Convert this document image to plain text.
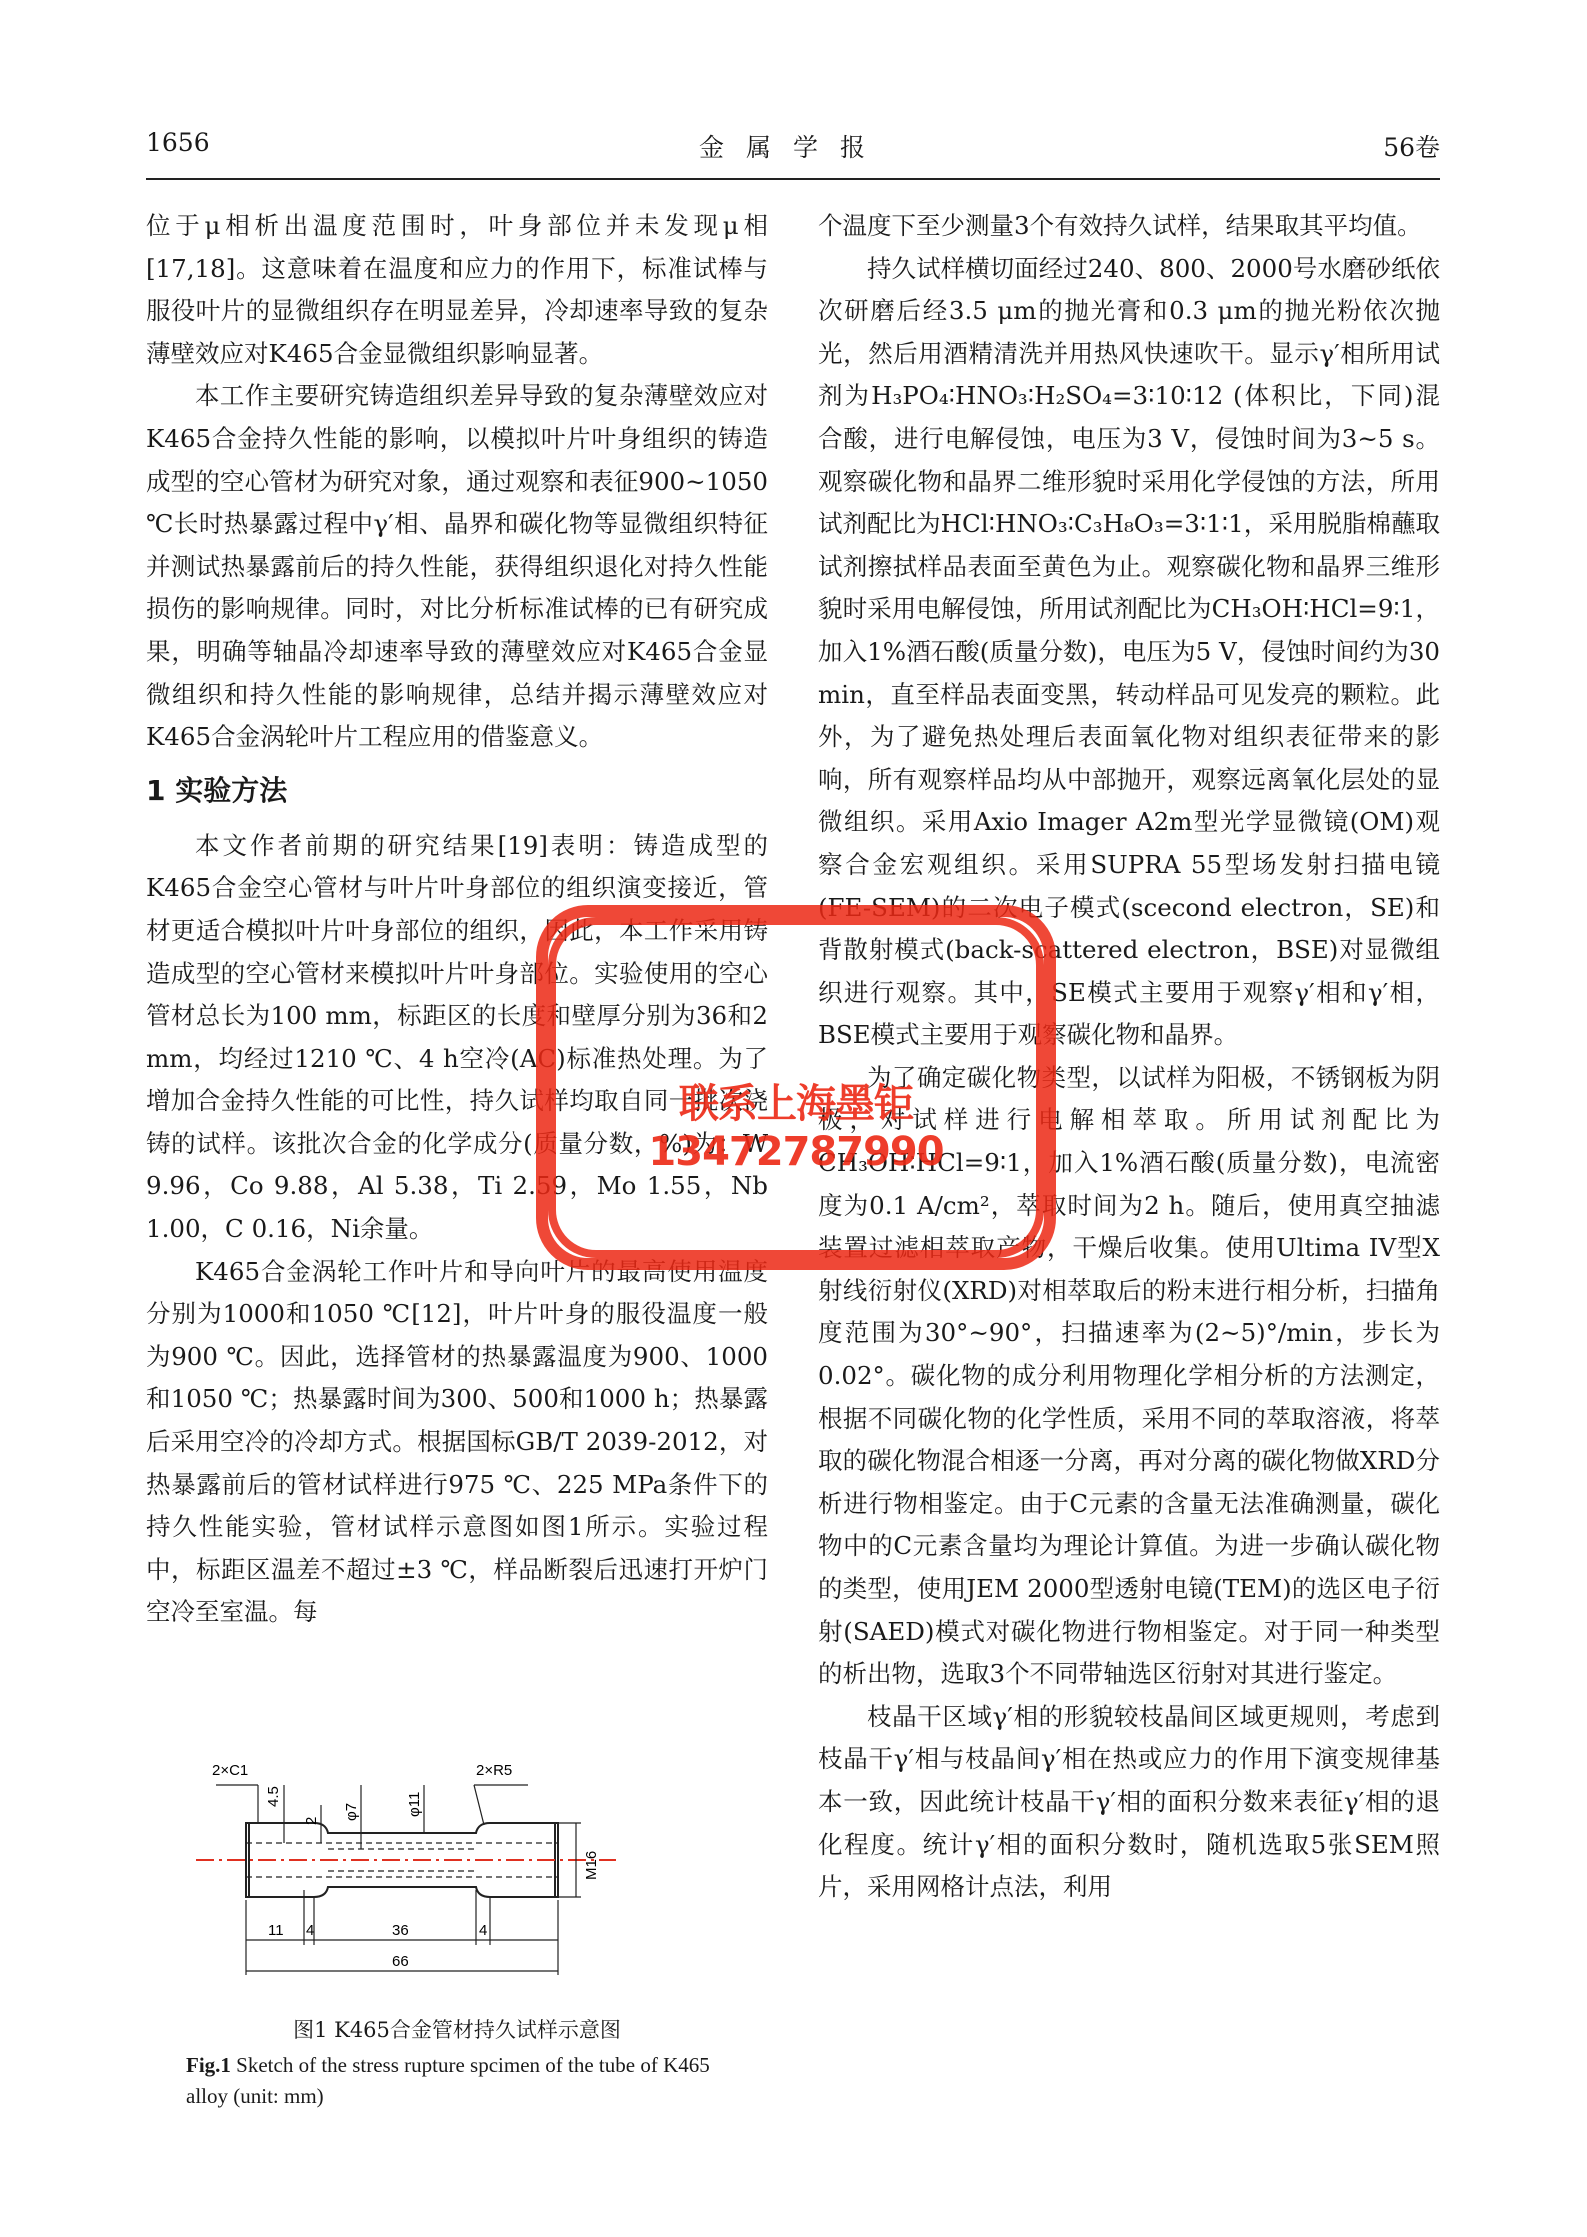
1656	金属学报	56卷

位于μ相析出温度范围时，叶身部位并未发现μ相[17,18]。这意味着在温度和应力的作用下，标准试棒与服役叶片的显微组织存在明显差异，冷却速率导致的复杂薄壁效应对K465合金显微组织影响显著。

本工作主要研究铸造组织差异导致的复杂薄壁效应对K465合金持久性能的影响，以模拟叶片叶身组织的铸造成型的空心管材为研究对象，通过观察和表征900~1050 ℃长时热暴露过程中γ′相、晶界和碳化物等显微组织特征并测试热暴露前后的持久性能，获得组织退化对持久性能损伤的影响规律。同时，对比分析标准试棒的已有研究成果，明确等轴晶冷却速率导致的薄壁效应对K465合金显微组织和持久性能的影响规律，总结并揭示薄壁效应对K465合金涡轮叶片工程应用的借鉴意义。

1 实验方法

本文作者前期的研究结果[19]表明：铸造成型的K465合金空心管材与叶片叶身部位的组织演变接近，管材更适合模拟叶片叶身部位的组织，因此，本工作采用铸造成型的空心管材来模拟叶片叶身部位。实验使用的空心管材总长为100 mm，标距区的长度和壁厚分别为36和2 mm，均经过1210 ℃、4 h空冷(AC)标准热处理。为了增加合金持久性能的可比性，持久试样均取自同一批次浇铸的试样。该批次合金的化学成分(质量分数，%)为：W 9.96，Co 9.88，Al 5.38，Ti 2.59，Mo 1.55，Nb 1.00，C 0.16，Ni余量。

K465合金涡轮工作叶片和导向叶片的最高使用温度分别为1000和1050 ℃[12]，叶片叶身的服役温度一般为900 ℃。因此，选择管材的热暴露温度为900、1000和1050 ℃；热暴露时间为300、500和1000 h；热暴露后采用空冷的冷却方式。根据国标GB/T 2039-2012，对热暴露前后的管材试样进行975 ℃、225 MPa条件下的持久性能实验，管材试样示意图如图1所示。实验过程中，标距区温差不超过±3 ℃，样品断裂后迅速打开炉门空冷至室温。每

2×C1	2×R5
4.5
2 φ7	φ11
M16
11 4	36	4
66
图1 K465合金管材持久试样示意图
Fig.1 Sketch of the stress rupture spcimen of the tube of K465 alloy (unit: mm)

个温度下至少测量3个有效持久试样，结果取其平均值。

持久试样横切面经过240、800、2000号水磨砂纸依次研磨后经3.5 μm的抛光膏和0.3 μm的抛光粉依次抛光，然后用酒精清洗并用热风快速吹干。显示γ′相所用试剂为H₃PO₄∶HNO₃∶H₂SO₄=3∶10∶12 (体积比，下同)混合酸，进行电解侵蚀，电压为3 V，侵蚀时间为3~5 s。观察碳化物和晶界二维形貌时采用化学侵蚀的方法，所用试剂配比为HCl∶HNO₃∶C₃H₈O₃=3∶1∶1，采用脱脂棉蘸取试剂擦拭样品表面至黄色为止。观察碳化物和晶界三维形貌时采用电解侵蚀，所用试剂配比为CH₃OH∶HCl=9∶1，加入1%酒石酸(质量分数)，电压为5 V，侵蚀时间约为30 min，直至样品表面变黑，转动样品可见发亮的颗粒。此外，为了避免热处理后表面氧化物对组织表征带来的影响，所有观察样品均从中部抛开，观察远离氧化层处的显微组织。采用Axio Imager A2m型光学显微镜(OM)观察合金宏观组织。采用SUPRA 55型场发射扫描电镜(FE-SEM)的二次电子模式(scecond electron，SE)和背散射模式(back-scattered electron，BSE)对显微组织进行观察。其中，SE模式主要用于观察γ′相和γ′相，BSE模式主要用于观察碳化物和晶界。

为了确定碳化物类型，以试样为阳极，不锈钢板为阴极，对试样进行电解相萃取。所用试剂配比为CH₃OH∶HCl=9∶1，加入1%酒石酸(质量分数)，电流密度为0.1 A/cm²，萃取时间为2 h。随后，使用真空抽滤装置过滤相萃取产物，干燥后收集。使用Ultima IV型X射线衍射仪(XRD)对相萃取后的粉末进行相分析，扫描角度范围为30°~90°，扫描速率为(2~5)°/min，步长为0.02°。碳化物的成分利用物理化学相分析的方法测定，根据不同碳化物的化学性质，采用不同的萃取溶液，将萃取的碳化物混合相逐一分离，再对分离的碳化物做XRD分析进行物相鉴定。由于C元素的含量无法准确测量，碳化物中的C元素含量均为理论计算值。为进一步确认碳化物的类型，使用JEM 2000型透射电镜(TEM)的选区电子衍射(SAED)模式对碳化物进行物相鉴定。对于同一种类型的析出物，选取3个不同带轴选区衍射对其进行鉴定。

枝晶干区域γ′相的形貌较枝晶间区域更规则，考虑到枝晶干γ′相与枝晶间γ′相在热或应力的作用下演变规律基本一致，因此统计枝晶干γ′相的面积分数来表征γ′相的退化程度。统计γ′相的面积分数时，随机选取5张SEM照片，采用网格计点法，利用

联系上海墨钜13472787990
